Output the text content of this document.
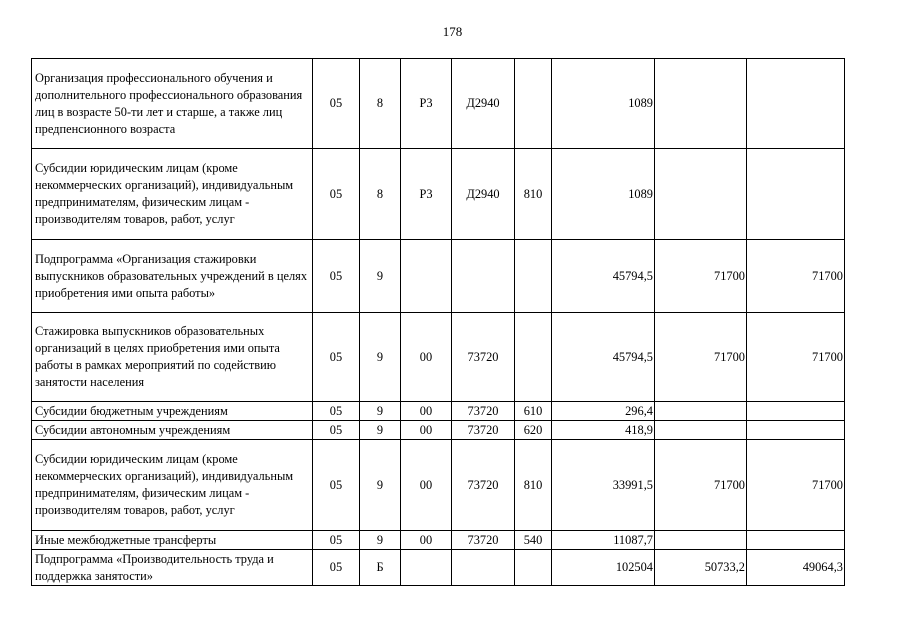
178
Организация профессионального обучения и дополнительного профессионального образования лиц в возрасте 50-ти лет и старше, а также лиц предпенсионного возраста	05	8	Р3	Д2940		1089		
Субсидии юридическим лицам (кроме некоммерческих организаций), индивидуальным предпринимателям, физическим лицам - производителям товаров, работ, услуг	05	8	Р3	Д2940	810	1089		
Подпрограмма «Организация стажировки выпускников образовательных учреждений в целях приобретения ими опыта работы»	05	9				45794,5	71700	71700
Стажировка выпускников образовательных организаций в целях приобретения ими опыта работы в рамках мероприятий по содействию занятости населения	05	9	00	73720		45794,5	71700	71700
Субсидии бюджетным учреждениям	05	9	00	73720	610	296,4		
Субсидии автономным учреждениям	05	9	00	73720	620	418,9		
Субсидии юридическим лицам (кроме некоммерческих организаций), индивидуальным предпринимателям, физическим лицам - производителям товаров, работ, услуг	05	9	00	73720	810	33991,5	71700	71700
Иные межбюджетные трансферты	05	9	00	73720	540	11087,7		
Подпрограмма «Производительность труда и поддержка занятости»	05	Б				102504	50733,2	49064,3
